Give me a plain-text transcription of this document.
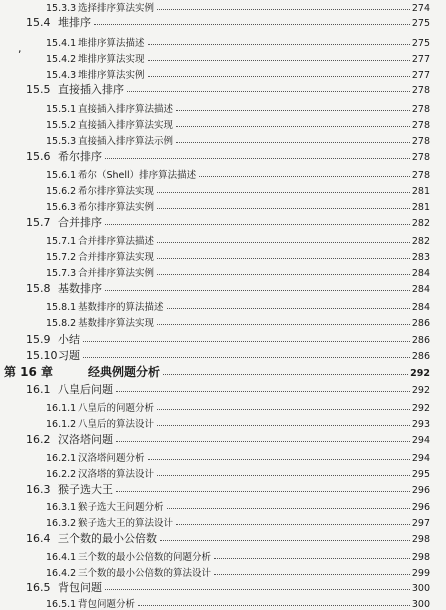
15.3.3 选择排序算法实例	274
15.4 堆排序	275
15.4.1 堆排序算法描述	275
15.4.2 堆排序算法实现	277
15.4.3 堆排序算法实例	277
15.5 直接插入排序	278
15.5.1 直接插入排序算法描述	278
15.5.2 直接插入排序算法实现	278
15.5.3 直接插入排序算法示例	278
15.6 希尔排序	278
15.6.1 希尔（Shell）排序算法描述	278
15.6.2 希尔排序算法实现	281
15.6.3 希尔排序算法实例	281
15.7 合并排序	282
15.7.1 合并排序算法描述	282
15.7.2 合并排序算法实现	283
15.7.3 合并排序算法实例	284
15.8 基数排序	284
15.8.1 基数排序的算法描述	284
15.8.2 基数排序算法实现	286
15.9 小结	286
15.10 习题	286
第 16 章	经典例题分析	292
16.1 八皇后问题	292
16.1.1 八皇后的问题分析	292
16.1.2 八皇后的算法设计	293
16.2 汉洛塔问题	294
16.2.1 汉洛塔问题分析	294
16.2.2 汉洛塔的算法设计	295
16.3 猴子选大王	296
16.3.1 猴子选大王问题分析	296
16.3.2 猴子选大王的算法设计	297
16.4 三个数的最小公倍数	298
16.4.1 三个数的最小公倍数的问题分析	298
16.4.2 三个数的最小公倍数的算法设计	299
16.5 背包问题	300
16.5.1 背包问题分析	300
,
